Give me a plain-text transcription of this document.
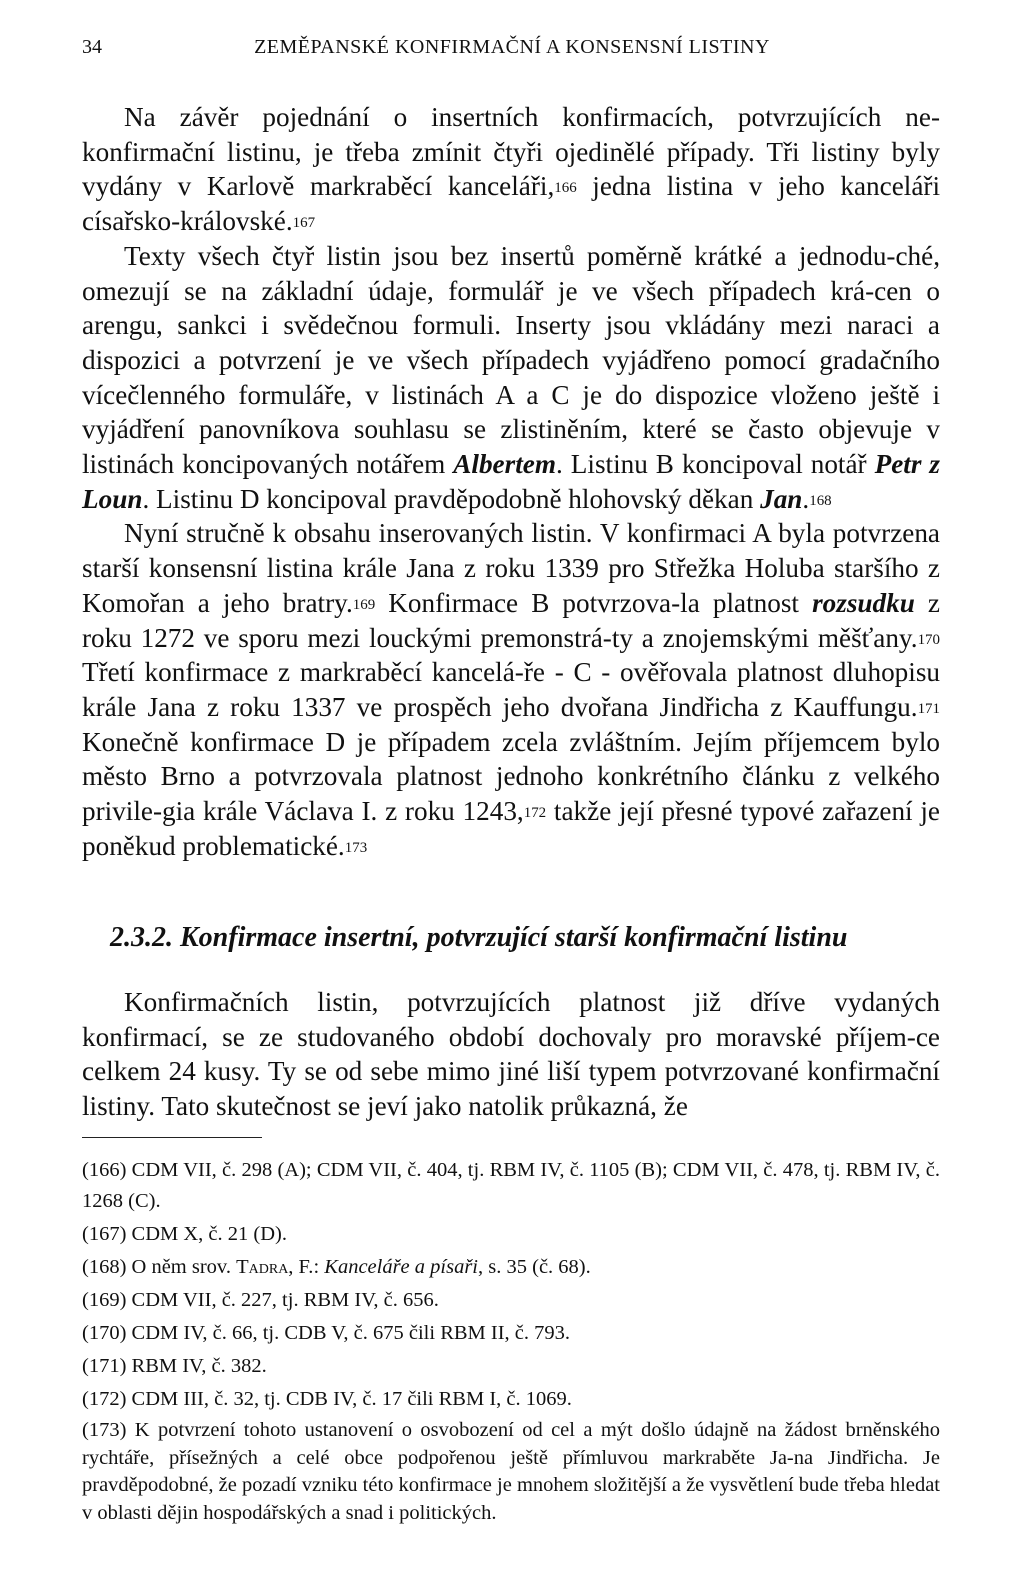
34	ZEMĚPANSKÉ KONFIRMAČNÍ A KONSENSNÍ LISTINY

Na závěr pojednání o insertních konfirmacích, potvrzujících ne-konfirmační listinu, je třeba zmínit čtyři ojedinělé případy. Tři listiny byly vydány v Karlově markraběcí kanceláři,$^{166}$ jedna listina v jeho kanceláři císařsko-královské.$^{167}$

Texty všech čtyř listin jsou bez insertů poměrně krátké a jednodu-ché, omezují se na základní údaje, formulář je ve všech případech krá-cen o arengu, sankci i svědečnou formuli. Inserty jsou vkládány mezi naraci a dispozici a potvrzení je ve všech případech vyjádřeno pomocí gradačního vícečlenného formuláře, v listinách A a C je do dispozice vloženo ještě i vyjádření panovníkova souhlasu se zlistiněním, které se často objevuje v listinách koncipovaných notářem Albertem. Listinu B koncipoval notář Petr z Loun. Listinu D koncipoval pravděpodobně hlohovský děkan Jan.$^{168}$

Nyní stručně k obsahu inserovaných listin. V konfirmaci A byla potvrzena starší konsensní listina krále Jana z roku 1339 pro Střežka Holuba staršího z Komořan a jeho bratry.$^{169}$ Konfirmace B potvrzova-la platnost rozsudku z roku 1272 ve sporu mezi louckými premonstrá-ty a znojemskými měšťany.$^{170}$ Třetí konfirmace z markraběcí kancelá-ře - C - ověřovala platnost dluhopisu krále Jana z roku 1337 ve prospěch jeho dvořana Jindřicha z Kauffungu.$^{171}$ Konečně konfirmace D je případem zcela zvláštním. Jejím příjemcem bylo město Brno a potvrzovala platnost jednoho konkrétního článku z velkého privile-gia krále Václava I. z roku 1243,$^{172}$ takže její přesné typové zařazení je poněkud problematické.$^{173}$

2.3.2. Konfirmace insertní, potvrzující starší konfirmační listinu

Konfirmačních listin, potvrzujících platnost již dříve vydaných konfirmací, se ze studovaného období dochovaly pro moravské příjem-ce celkem 24 kusy. Ty se od sebe mimo jiné liší typem potvrzované konfirmační listiny. Tato skutečnost se jeví jako natolik průkazná, že

(166) CDM VII, č. 298 (A); CDM VII, č. 404, tj. RBM IV, č. 1105 (B); CDM VII, č. 478, tj. RBM IV, č. 1268 (C).
(167) CDM X, č. 21 (D).
(168) O něm srov. Tadra, F.: Kanceláře a písaři, s. 35 (č. 68).
(169) CDM VII, č. 227, tj. RBM IV, č. 656.
(170) CDM IV, č. 66, tj. CDB V, č. 675 čili RBM II, č. 793.
(171) RBM IV, č. 382.
(172) CDM III, č. 32, tj. CDB IV, č. 17 čili RBM I, č. 1069.
(173) K potvrzení tohoto ustanovení o osvobození od cel a mýt došlo údajně na žádost brněnského rychtáře, přísežných a celé obce podpořenou ještě přímluvou markraběte Ja-na Jindřicha. Je pravděpodobné, že pozadí vzniku této konfirmace je mnohem složitější a že vysvětlení bude třeba hledat v oblasti dějin hospodářských a snad i politických.
